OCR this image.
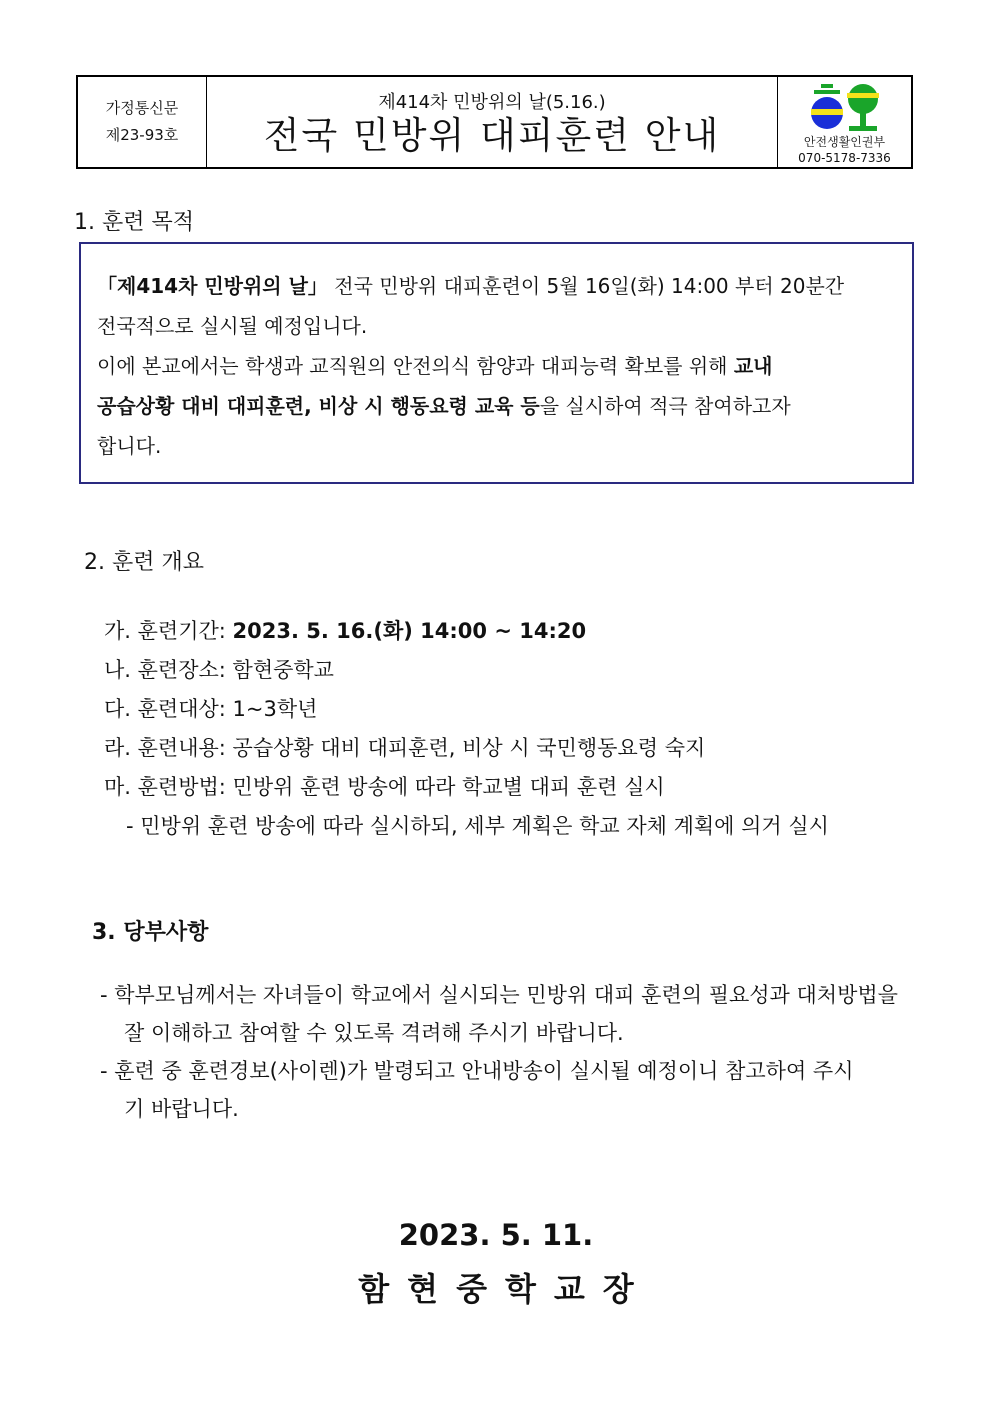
가정통신문
제23-93호
제414차 민방위의 날(5.16.)
전국 민방위 대피훈련 안내	안전생활인권부
070-5178-7336
1. 훈련 목적
「제414차 민방위의 날」 전국 민방위 대피훈련이 5월 16일(화) 14:00 부터 20분간
전국적으로 실시될 예정입니다.
이에 본교에서는 학생과 교직원의 안전의식 함양과 대피능력 확보를 위해 교내
공습상황 대비 대피훈련, 비상 시 행동요령 교육 등을 실시하여 적극 참여하고자
합니다.
2. 훈련 개요
가. 훈련기간: 2023. 5. 16.(화) 14:00 ~ 14:20
나. 훈련장소: 함현중학교
다. 훈련대상: 1~3학년
라. 훈련내용: 공습상황 대비 대피훈련, 비상 시 국민행동요령 숙지
마. 훈련방법: 민방위 훈련 방송에 따라 학교별 대피 훈련 실시
- 민방위 훈련 방송에 따라 실시하되, 세부 계획은 학교 자체 계획에 의거 실시
3. 당부사항
- 학부모님께서는 자녀들이 학교에서 실시되는 민방위 대피 훈련의 필요성과 대처방법을
잘 이해하고 참여할 수 있도록 격려해 주시기 바랍니다.
- 훈련 중 훈련경보(사이렌)가 발령되고 안내방송이 실시될 예정이니 참고하여 주시
기 바랍니다.
2023. 5. 11.
함현중학교장
